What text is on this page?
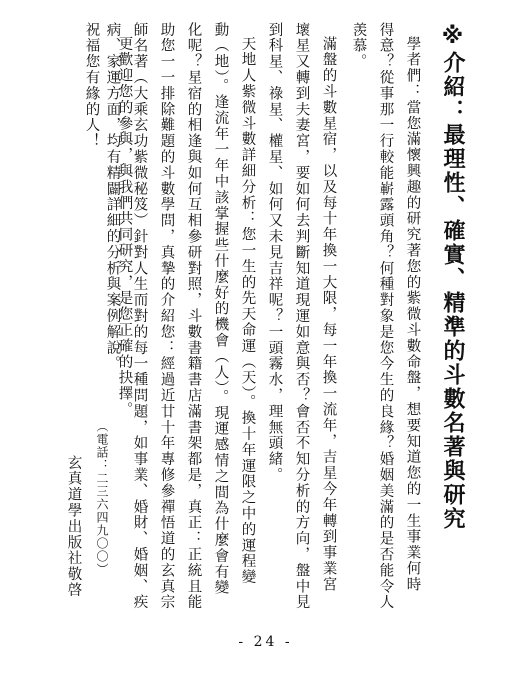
※介紹：最理性、確實、精準的斗數名著與研究
學者們：當您滿懷興趣的研究著您的紫微斗數命盤，想要知道您的一生事業何時
得意？從事那一行較能嶄露頭角？何種對象是您今生的良緣？婚姻美滿的是否能令人
羡慕。
滿盤的斗數星宿，以及每十年換一大限，每一年換一流年，吉星今年轉到事業宮
壞星又轉到夫妻宮，要如何去判斷知道現運如意與否？會否不知分析的方向，盤中見
到科星、祿星、權星、如何又未見吉祥呢？一頭霧水，理無頭緒。
天地人紫微斗數詳細分析：您一生的先天命運（天）。換十年運限之中的運程變
動（地）。逢流年一年中該掌握些什麼好的機會（人）。現運感情之間為什麼會有變
化呢？星宿的相逢與如何互相參研對照，斗數書籍書店滿書架都是，真正：正統且能
助您一一排除難題的斗數學問，真摯的介紹您：經過近廿十年專修參禪悟道的玄真宗
師名著（大乘玄功紫微秘笈）針對人生而對的每一種問題，如事業、婚財、婚姻、疾
病、家運方面，均有精闢詳細的分析與案例解說。
更歡迎您的參與，與我們共同研究，是您正確的抉擇。
祝福您有緣的人！
（電話：二三六四九〇〇）
玄真道學出版社敬啓
- 24 -
